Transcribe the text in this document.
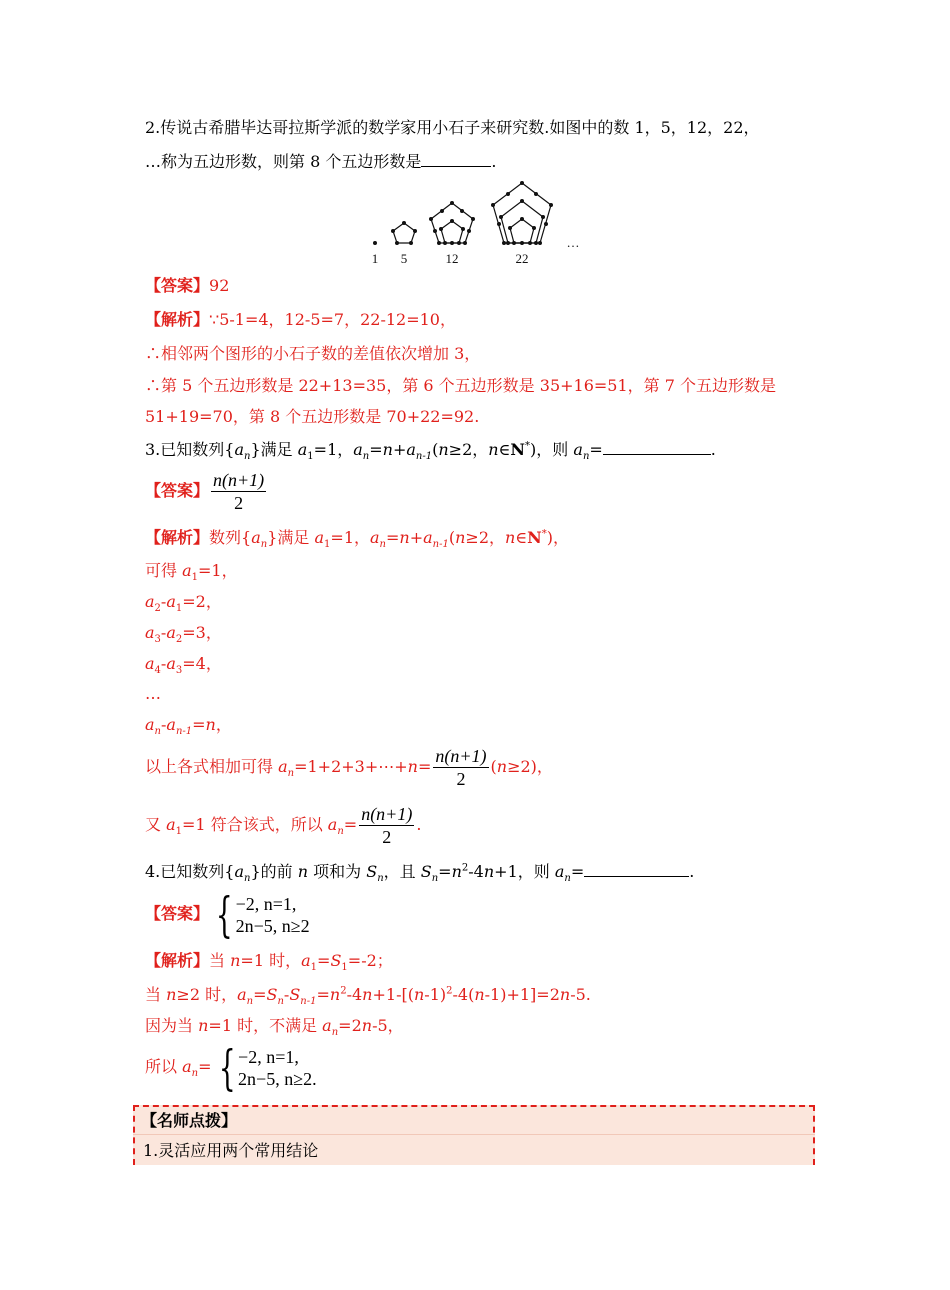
2.传说古希腊毕达哥拉斯学派的数学家用小石子来研究数.如图中的数 1，5，12，22，
…称为五边形数，则第 8 个五边形数是	.
1 5	12	22
…
【答案】92
【解析】∵5-1=4，12-5=7，22-12=10，
∴相邻两个图形的小石子数的差值依次增加 3，
∴第 5 个五边形数是 22+13=35，第 6 个五边形数是 35+16=51，第 7 个五边形数是
51+19=70，第 8 个五边形数是 70+22=92.
3.已知数列$\{a_n\}$满足 $a_1=1$，$a_n=n+a_{n-1}(n\ge 2$，n∈N*)，则 $a_n=$	.
【答案】 $\frac{n(n+1)}{2}$
【解析】数列$\{a_n\}$满足 $a_1=1$，$a_n=n+a_{n-1}(n\ge 2$，n∈N*)，
可得 $a_1=1$，
$a_2-a_1=2$，
$a_3-a_2=3$，
$a_4-a_3=4$，
…
$a_n-a_{n-1}=n$，
以上各式相加可得 $a_n=1+2+3+\cdots+n= \frac{n(n+1)}{2} (n\ge 2)$，
又 $a_1=1$ 符合该式，所以 $a_n= \frac{n(n+1)}{2}$ .
4.已知数列$\{a_n\}$的前 n 项和为 $S_n$，且 $S_n=n^2-4n+1$，则 $a_n=$	.
【答案】 { −2, n=1,
2n−5, n≥2
【解析】当 n=1 时，$a_1=S_1=-2$；
当 n≥2 时，$a_n=S_n-S_{n-1}=n^2-4n+1-[(n-1)^2-4(n-1)+1]=2n-5$.
因为当 n=1 时，不满足 $a_n=2n-5$，
所以 $a_n=$ { −2, n=1,
2n−5, n≥2.
【名师点拨】
1.灵活应用两个常用结论
